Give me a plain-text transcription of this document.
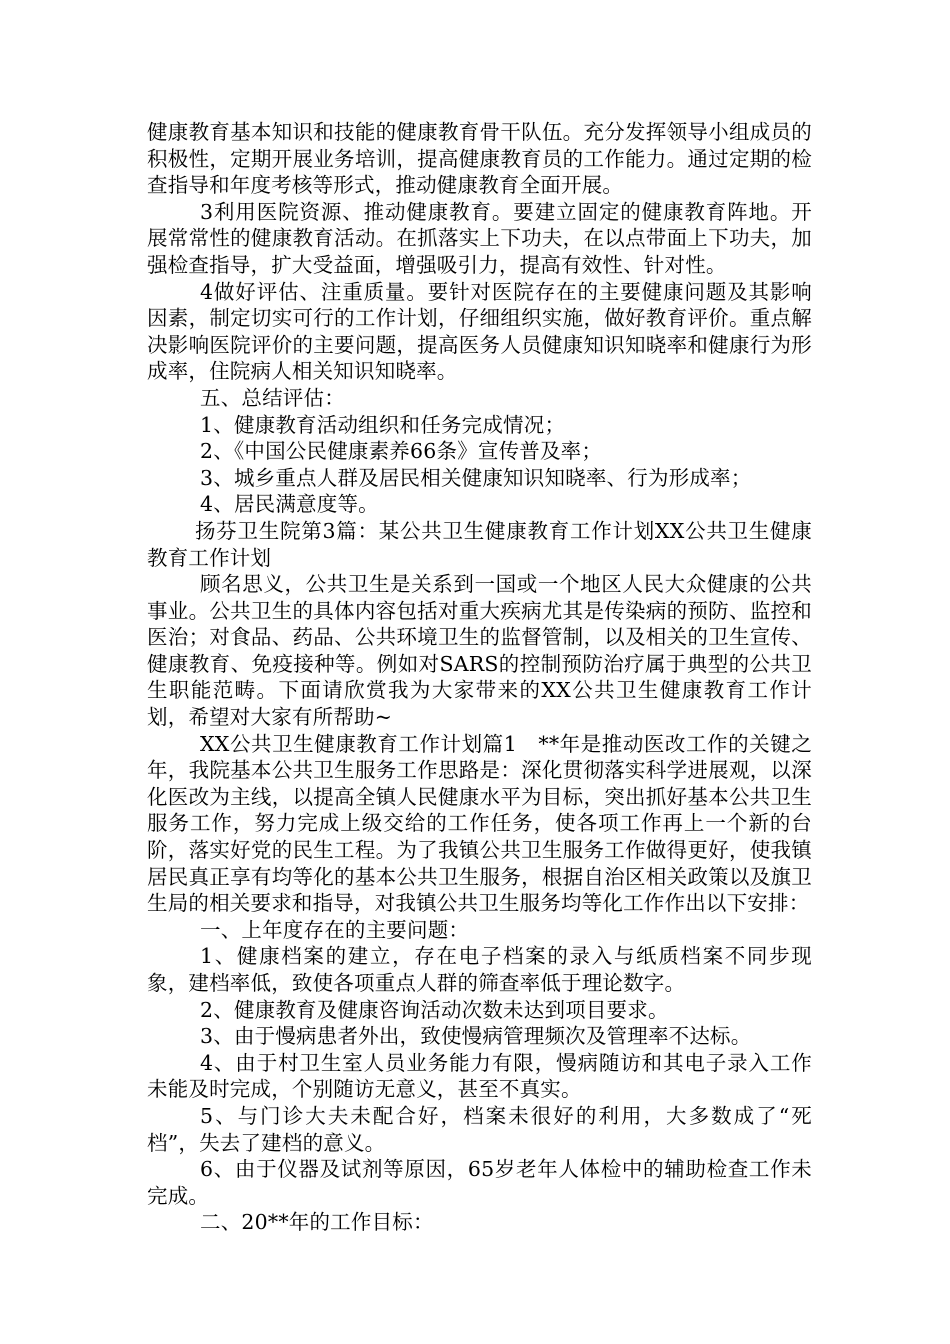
健康教育基本知识和技能的健康教育骨干队伍。充分发挥领导小组成员的积极性，定期开展业务培训，提高健康教育员的工作能力。通过定期的检查指导和年度考核等形式，推动健康教育全面开展。

3利用医院资源、推动健康教育。要建立固定的健康教育阵地。开展常常性的健康教育活动。在抓落实上下功夫，在以点带面上下功夫，加强检查指导，扩大受益面，增强吸引力，提高有效性、针对性。

4做好评估、注重质量。要针对医院存在的主要健康问题及其影响因素，制定切实可行的工作计划，仔细组织实施，做好教育评价。重点解决影响医院评价的主要问题，提高医务人员健康知识知晓率和健康行为形成率，住院病人相关知识知晓率。

五、总结评估：

1、健康教育活动组织和任务完成情况；

2、《中国公民健康素养66条》宣传普及率；

3、城乡重点人群及居民相关健康知识知晓率、行为形成率；

4、居民满意度等。

扬芬卫生院第3篇：某公共卫生健康教育工作计划XX公共卫生健康教育工作计划

顾名思义，公共卫生是关系到一国或一个地区人民大众健康的公共事业。公共卫生的具体内容包括对重大疾病尤其是传染病的预防、监控和医治；对食品、药品、公共环境卫生的监督管制，以及相关的卫生宣传、健康教育、免疫接种等。例如对SARS的控制预防治疗属于典型的公共卫生职能范畴。下面请欣赏我为大家带来的XX公共卫生健康教育工作计划，希望对大家有所帮助~

XX公共卫生健康教育工作计划篇1　**年是推动医改工作的关键之年，我院基本公共卫生服务工作思路是：深化贯彻落实科学进展观，以深化医改为主线，以提高全镇人民健康水平为目标，突出抓好基本公共卫生服务工作，努力完成上级交给的工作任务，使各项工作再上一个新的台阶，落实好党的民生工程。为了我镇公共卫生服务工作做得更好，使我镇居民真正享有均等化的基本公共卫生服务，根据自治区相关政策以及旗卫生局的相关要求和指导，对我镇公共卫生服务均等化工作作出以下安排：

一、上年度存在的主要问题：

1、健康档案的建立，存在电子档案的录入与纸质档案不同步现象，建档率低，致使各项重点人群的筛查率低于理论数字。

2、健康教育及健康咨询活动次数未达到项目要求。

3、由于慢病患者外出，致使慢病管理频次及管理率不达标。

4、由于村卫生室人员业务能力有限，慢病随访和其电子录入工作未能及时完成，个别随访无意义，甚至不真实。

5、与门诊大夫未配合好，档案未很好的利用，大多数成了“死档”，失去了建档的意义。

6、由于仪器及试剂等原因，65岁老年人体检中的辅助检查工作未完成。

二、20**年的工作目标：
